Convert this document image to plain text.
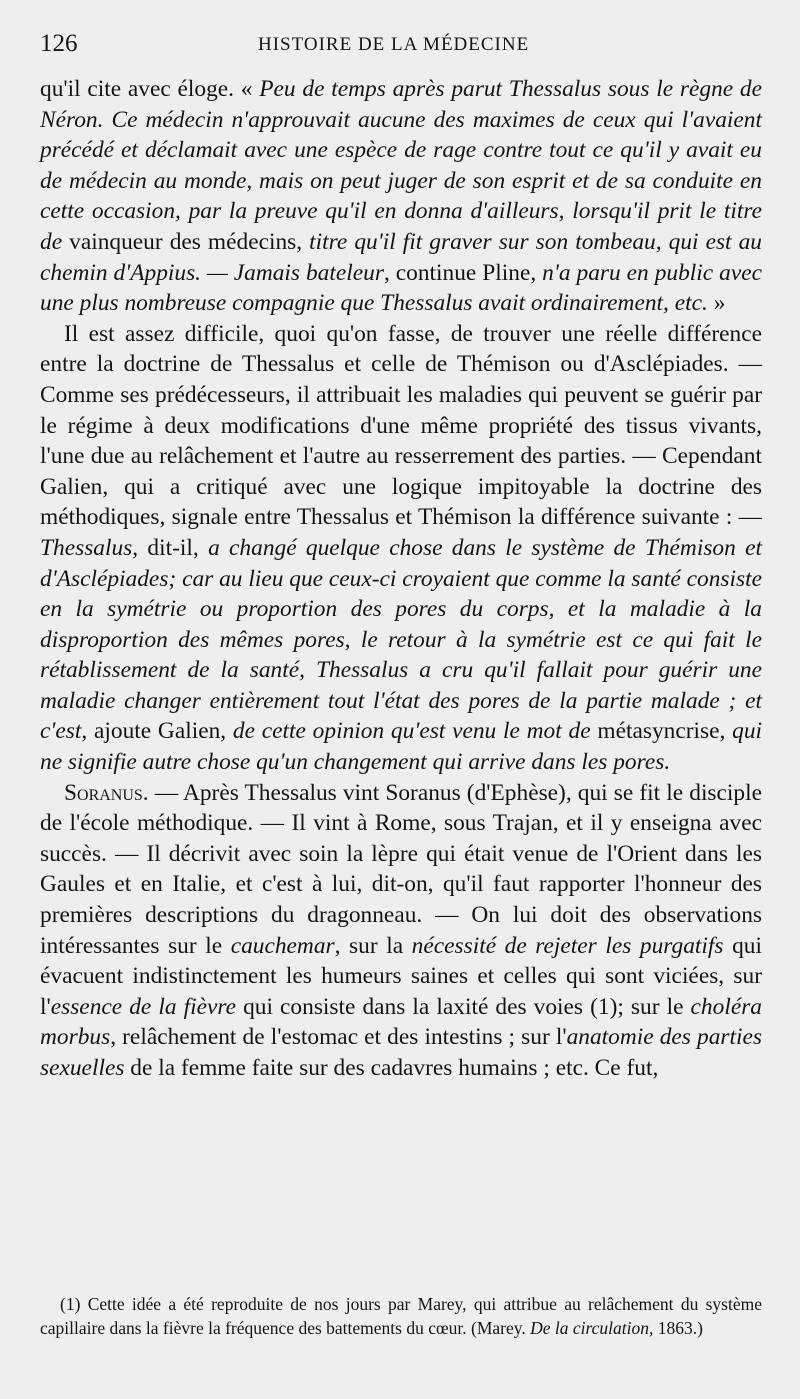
126	HISTOIRE DE LA MÉDECINE

qu'il cite avec éloge. « Peu de temps après parut Thessalus sous le règne de Néron. Ce médecin n'approuvait aucune des maximes de ceux qui l'avaient précédé et déclamait avec une espèce de rage contre tout ce qu'il y avait eu de médecin au monde, mais on peut juger de son esprit et de sa conduite en cette occasion, par la preuve qu'il en donna d'ailleurs, lorsqu'il prit le titre de vainqueur des médecins, titre qu'il fit graver sur son tombeau, qui est au chemin d'Appius. — Jamais bateleur, continue Pline, n'a paru en public avec une plus nombreuse compagnie que Thessalus avait ordinairement, etc. »

Il est assez difficile, quoi qu'on fasse, de trouver une réelle différence entre la doctrine de Thessalus et celle de Thémison ou d'Asclépiades. — Comme ses prédécesseurs, il attribuait les maladies qui peuvent se guérir par le régime à deux modifications d'une même propriété des tissus vivants, l'une due au relâchement et l'autre au resserrement des parties. — Cependant Galien, qui a critiqué avec une logique impitoyable la doctrine des méthodiques, signale entre Thessalus et Thémison la différence suivante : — Thessalus, dit-il, a changé quelque chose dans le système de Thémison et d'Asclépiades; car au lieu que ceux-ci croyaient que comme la santé consiste en la symétrie ou proportion des pores du corps, et la maladie à la disproportion des mêmes pores, le retour à la symétrie est ce qui fait le rétablissement de la santé, Thessalus a cru qu'il fallait pour guérir une maladie changer entièrement tout l'état des pores de la partie malade ; et c'est, ajoute Galien, de cette opinion qu'est venu le mot de métasyncrise, qui ne signifie autre chose qu'un changement qui arrive dans les pores.

Soranus. — Après Thessalus vint Soranus (d'Ephèse), qui se fit le disciple de l'école méthodique. — Il vint à Rome, sous Trajan, et il y enseigna avec succès. — Il décrivit avec soin la lèpre qui était venue de l'Orient dans les Gaules et en Italie, et c'est à lui, dit-on, qu'il faut rapporter l'honneur des premières descriptions du dragonneau. — On lui doit des observations intéressantes sur le cauchemar, sur la nécessité de rejeter les purgatifs qui évacuent indistinctement les humeurs saines et celles qui sont viciées, sur l'essence de la fièvre qui consiste dans la laxité des voies (1); sur le choléra morbus, relâchement de l'estomac et des intestins ; sur l'anatomie des parties sexuelles de la femme faite sur des cadavres humains ; etc. Ce fut,

(1) Cette idée a été reproduite de nos jours par Marey, qui attribue au relâchement du système capillaire dans la fièvre la fréquence des battements du cœur. (Marey. De la circulation, 1863.)
